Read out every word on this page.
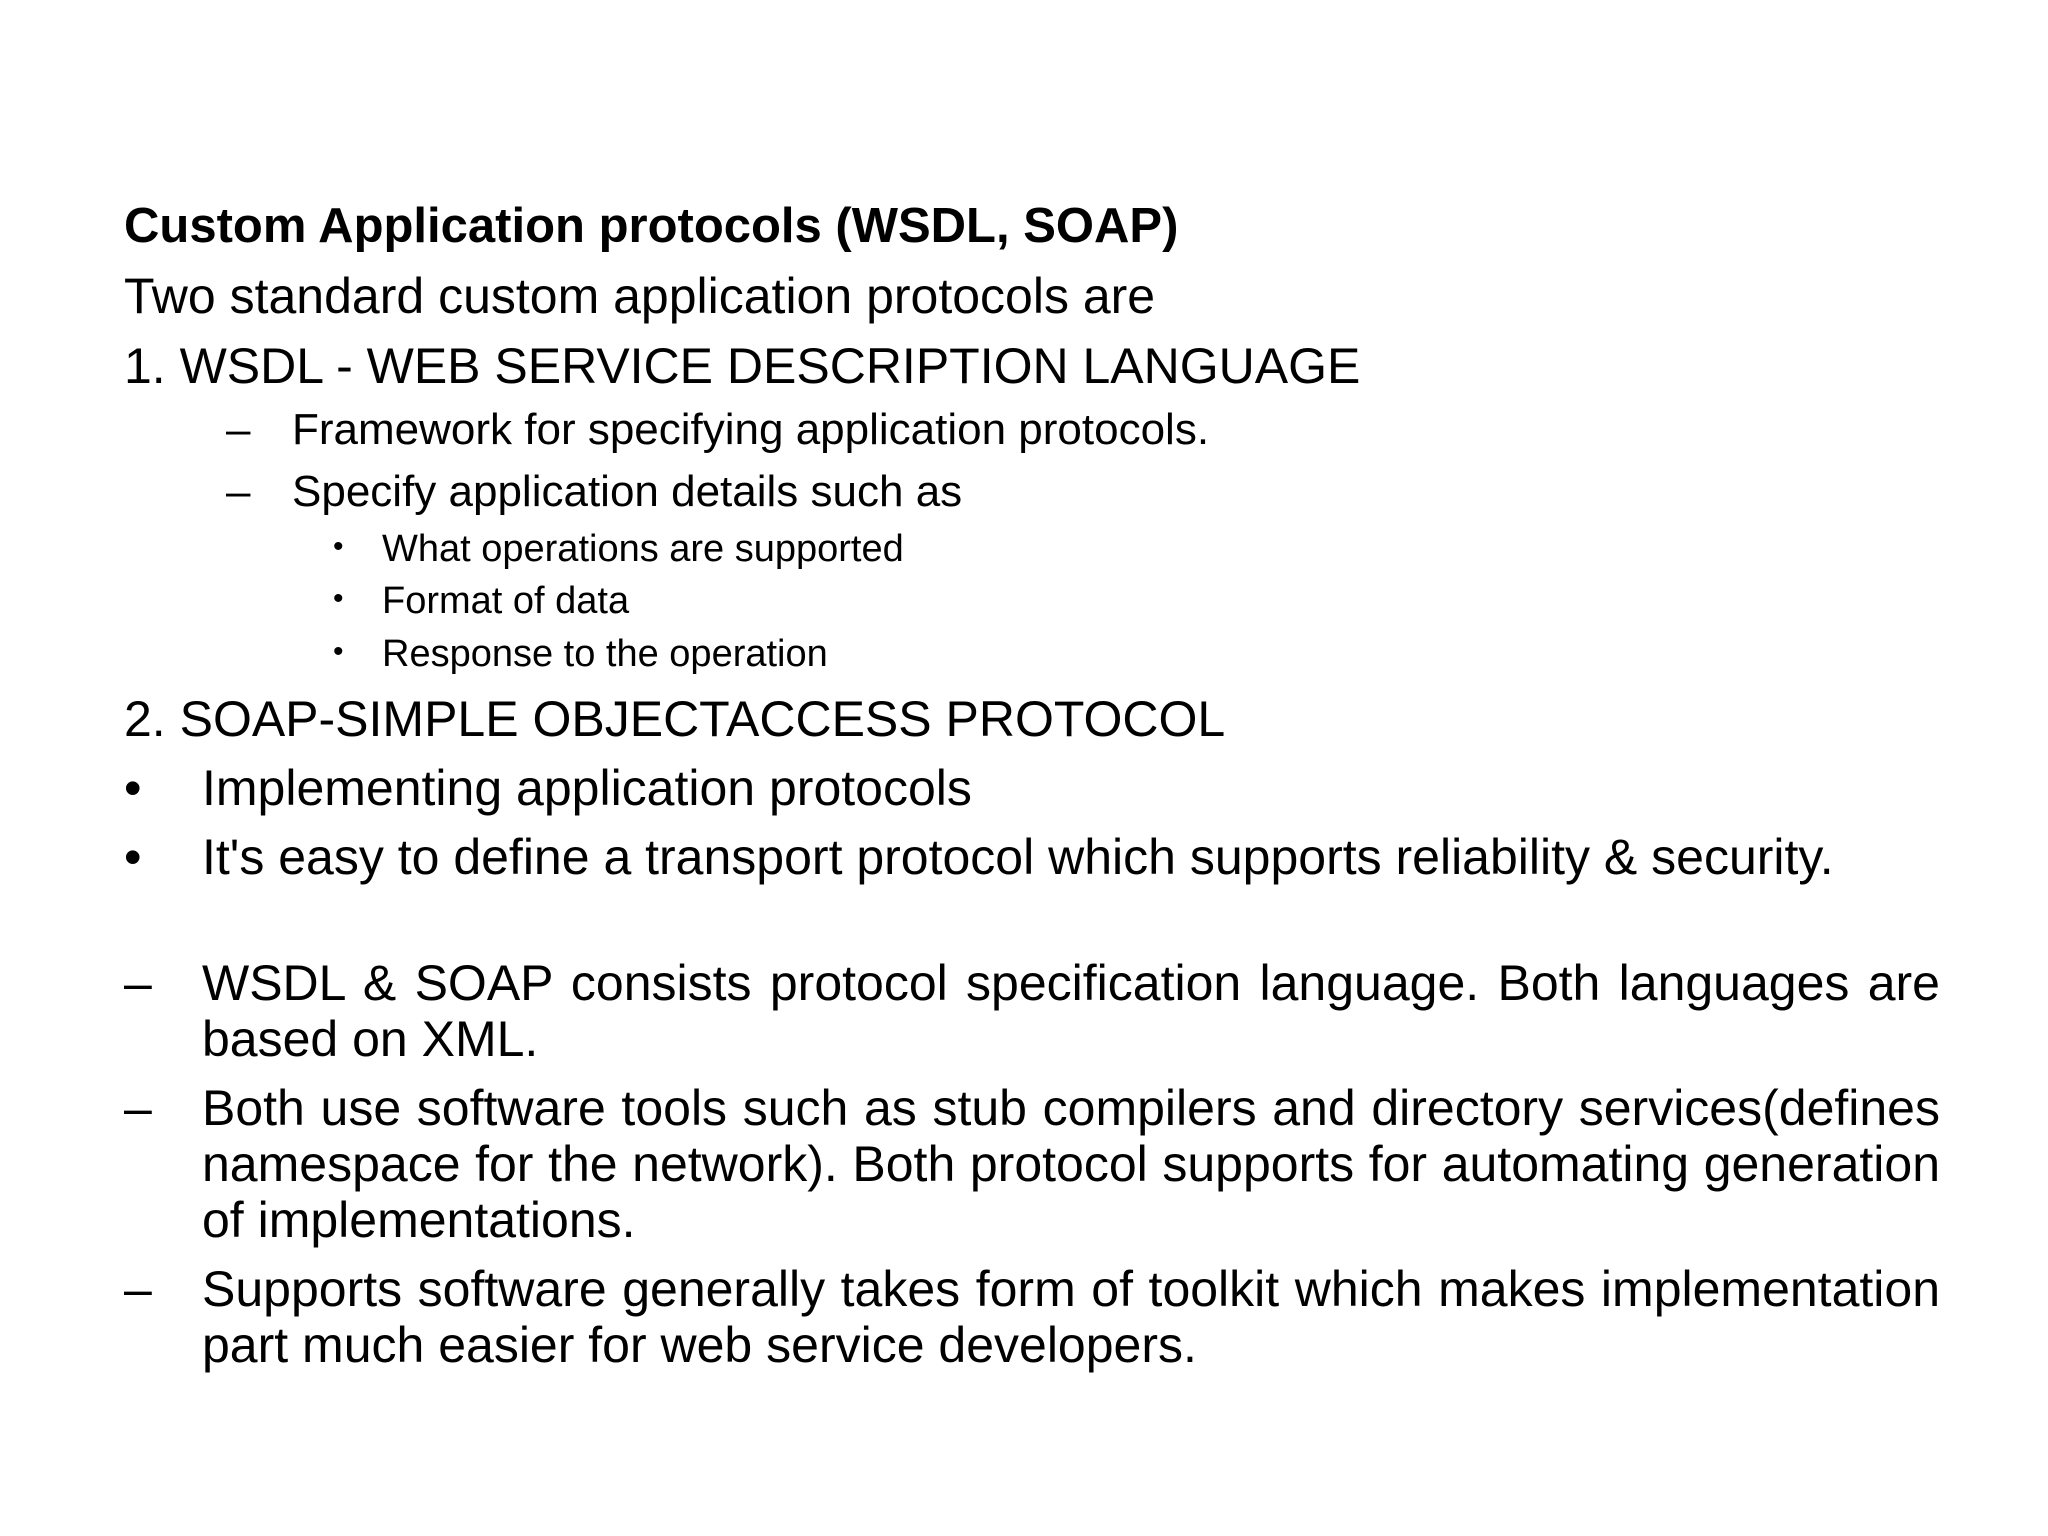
Custom Application protocols (WSDL, SOAP)
Two standard custom application protocols are
1. WSDL - WEB SERVICE DESCRIPTION LANGUAGE
– Framework for specifying application protocols.
– Specify application details such as
• What operations are supported
• Format of data
• Response to the operation
2. SOAP-SIMPLE OBJECTACCESS PROTOCOL
• Implementing application protocols
• It's easy to define a transport protocol which supports reliability & security.
– WSDL & SOAP consists protocol specification language. Both languages are based on XML.
– Both use software tools such as stub compilers and directory services(defines namespace for the network). Both protocol supports for automating generation of implementations.
– Supports software generally takes form of toolkit which makes implementation part much easier for web service developers.
